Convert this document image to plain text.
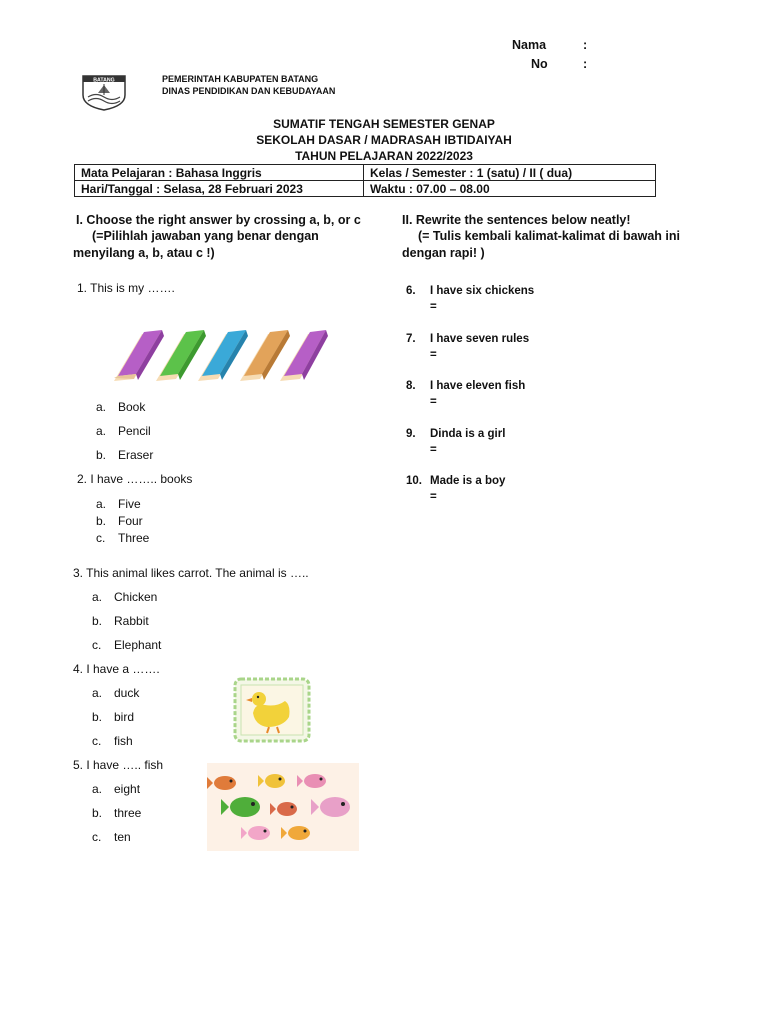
Nama	:
No	:
BATANG	PEMERINTAH KABUPATEN BATANG
DINAS PENDIDIKAN DAN KEBUDAYAAN
SUMATIF TENGAH SEMESTER GENAP
SEKOLAH DASAR / MADRASAH IBTIDAIYAH
TAHUN PELAJARAN 2022/2023
Mata Pelajaran : Bahasa Inggris	Kelas / Semester : 1 (satu) / II ( dua)
Hari/Tanggal : Selasa, 28 Februari 2023	Waktu : 07.00 – 08.00
I. Choose the right answer by crossing a, b, or c
(=Pilihlah jawaban yang benar dengan
menyilang a, b, atau c !)
1. This is my …….
a. Book
a. Pencil
b. Eraser
2. I have …….. books
a. Five
b. Four
c. Three
3. This animal likes carrot. The animal is …..
a. Chicken
b. Rabbit
c. Elephant
4. I have a …….
a. duck
b. bird
c. fish
5. I have ….. fish
a. eight
b. three
c. ten
II. Rewrite the sentences below neatly!
(= Tulis kembali kalimat-kalimat di bawah ini
dengan rapi! )
6. I have six chickens
=
7. I have seven rules
=
8. I have eleven fish
=
9. Dinda is a girl
=
10. Made is a boy
=
